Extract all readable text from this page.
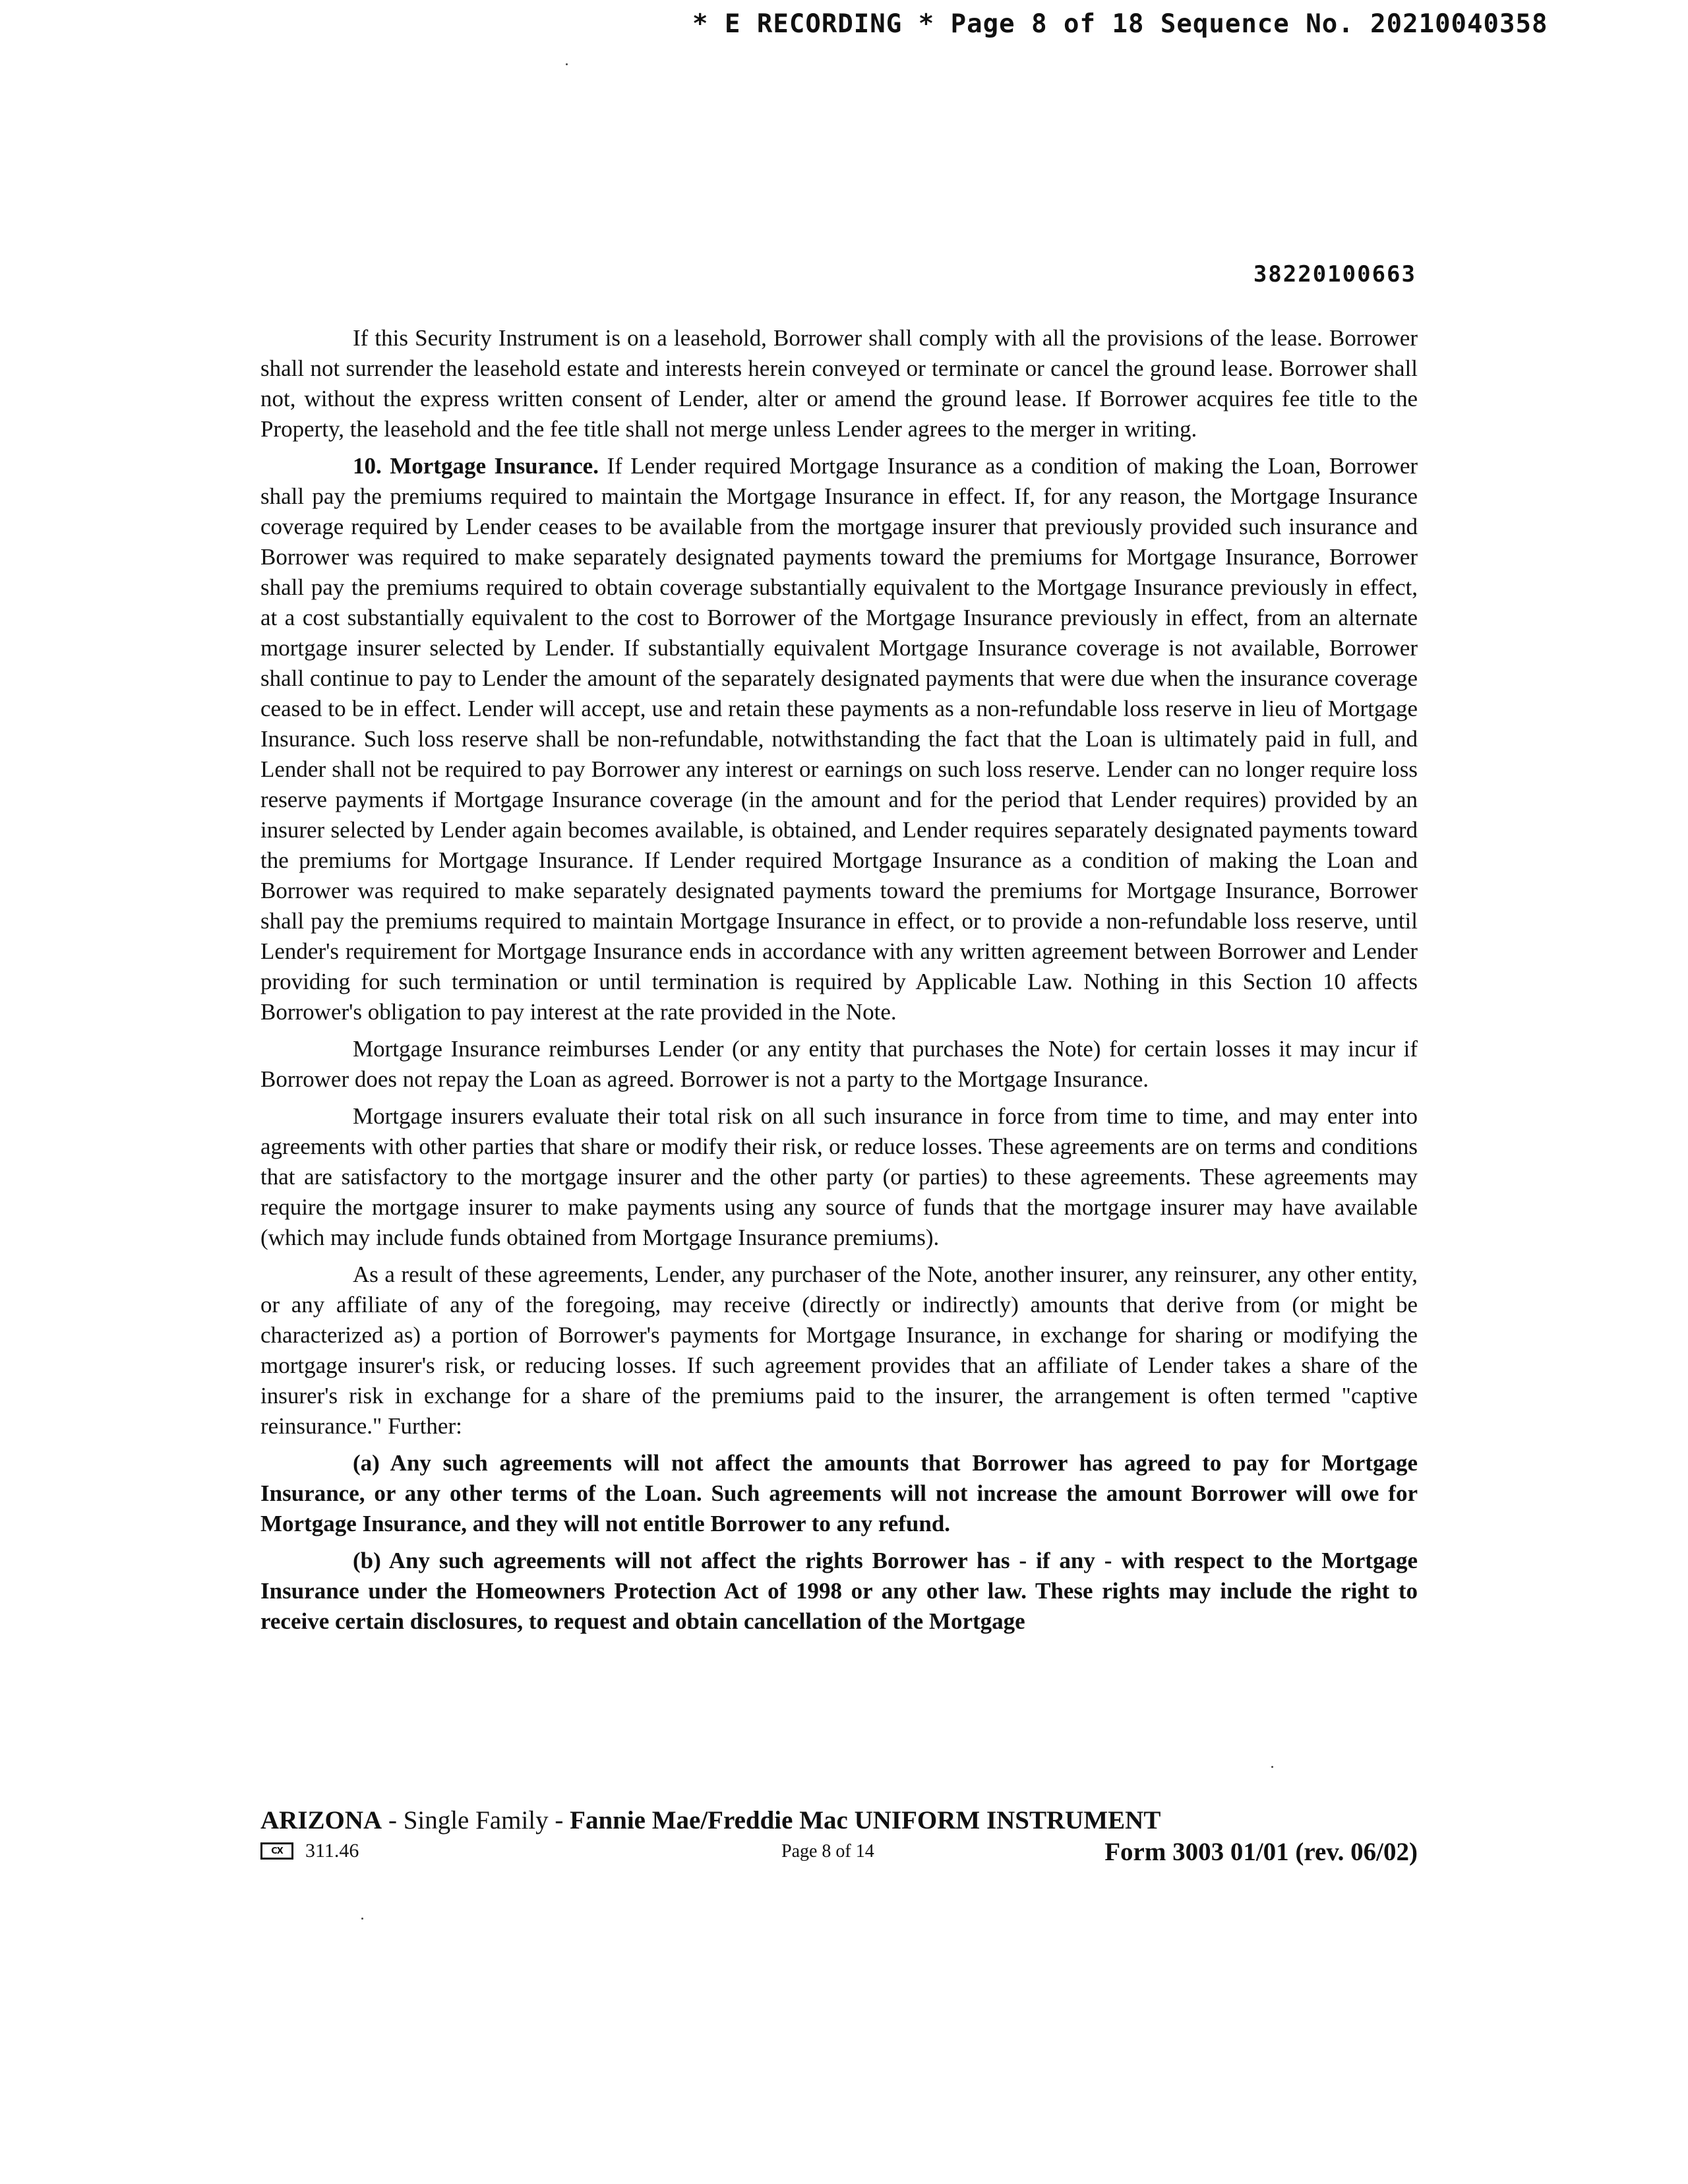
* E RECORDING * Page 8 of 18 Sequence No. 20210040358
38220100663

If this Security Instrument is on a leasehold, Borrower shall comply with all the provisions of the lease. Borrower shall not surrender the leasehold estate and interests herein conveyed or terminate or cancel the ground lease. Borrower shall not, without the express written consent of Lender, alter or amend the ground lease. If Borrower acquires fee title to the Property, the leasehold and the fee title shall not merge unless Lender agrees to the merger in writing.

10. Mortgage Insurance. If Lender required Mortgage Insurance as a condition of making the Loan, Borrower shall pay the premiums required to maintain the Mortgage Insurance in effect. If, for any reason, the Mortgage Insurance coverage required by Lender ceases to be available from the mortgage insurer that previously provided such insurance and Borrower was required to make separately designated payments toward the premiums for Mortgage Insurance, Borrower shall pay the premiums required to obtain coverage substantially equivalent to the Mortgage Insurance previously in effect, at a cost substantially equivalent to the cost to Borrower of the Mortgage Insurance previously in effect, from an alternate mortgage insurer selected by Lender. If substantially equivalent Mortgage Insurance coverage is not available, Borrower shall continue to pay to Lender the amount of the separately designated payments that were due when the insurance coverage ceased to be in effect. Lender will accept, use and retain these payments as a non-refundable loss reserve in lieu of Mortgage Insurance. Such loss reserve shall be non-refundable, notwithstanding the fact that the Loan is ultimately paid in full, and Lender shall not be required to pay Borrower any interest or earnings on such loss reserve. Lender can no longer require loss reserve payments if Mortgage Insurance coverage (in the amount and for the period that Lender requires) provided by an insurer selected by Lender again becomes available, is obtained, and Lender requires separately designated payments toward the premiums for Mortgage Insurance. If Lender required Mortgage Insurance as a condition of making the Loan and Borrower was required to make separately designated payments toward the premiums for Mortgage Insurance, Borrower shall pay the premiums required to maintain Mortgage Insurance in effect, or to provide a non-refundable loss reserve, until Lender's requirement for Mortgage Insurance ends in accordance with any written agreement between Borrower and Lender providing for such termination or until termination is required by Applicable Law. Nothing in this Section 10 affects Borrower's obligation to pay interest at the rate provided in the Note.

Mortgage Insurance reimburses Lender (or any entity that purchases the Note) for certain losses it may incur if Borrower does not repay the Loan as agreed. Borrower is not a party to the Mortgage Insurance.

Mortgage insurers evaluate their total risk on all such insurance in force from time to time, and may enter into agreements with other parties that share or modify their risk, or reduce losses. These agreements are on terms and conditions that are satisfactory to the mortgage insurer and the other party (or parties) to these agreements. These agreements may require the mortgage insurer to make payments using any source of funds that the mortgage insurer may have available (which may include funds obtained from Mortgage Insurance premiums).

As a result of these agreements, Lender, any purchaser of the Note, another insurer, any reinsurer, any other entity, or any affiliate of any of the foregoing, may receive (directly or indirectly) amounts that derive from (or might be characterized as) a portion of Borrower's payments for Mortgage Insurance, in exchange for sharing or modifying the mortgage insurer's risk, or reducing losses. If such agreement provides that an affiliate of Lender takes a share of the insurer's risk in exchange for a share of the premiums paid to the insurer, the arrangement is often termed "captive reinsurance." Further:

(a) Any such agreements will not affect the amounts that Borrower has agreed to pay for Mortgage Insurance, or any other terms of the Loan. Such agreements will not increase the amount Borrower will owe for Mortgage Insurance, and they will not entitle Borrower to any refund.

(b) Any such agreements will not affect the rights Borrower has - if any - with respect to the Mortgage Insurance under the Homeowners Protection Act of 1998 or any other law. These rights may include the right to receive certain disclosures, to request and obtain cancellation of the Mortgage

ARIZONA - Single Family - Fannie Mae/Freddie Mac UNIFORM INSTRUMENT
CX	311.46	Page 8 of 14	Form 3003 01/01 (rev. 06/02)
